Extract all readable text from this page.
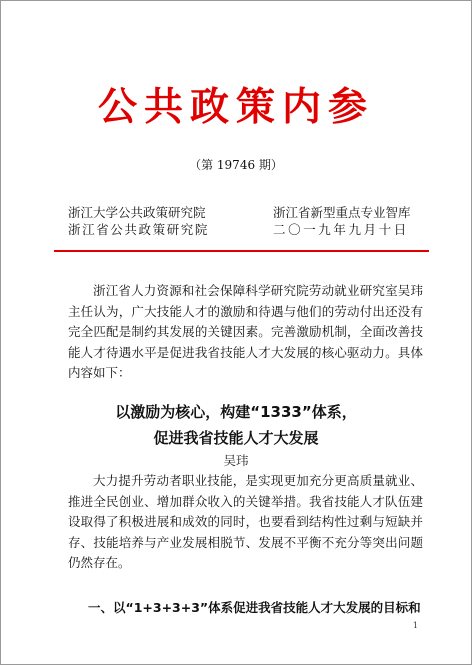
公共政策内参
（第 19746 期）
浙江大学公共政策研究院
浙江省公共政策研究院
浙江省新型重点专业智库
二〇一九年九月十日
浙江省人力资源和社会保障科学研究院劳动就业研究室吴玮主任认为，广大技能人才的激励和待遇与他们的劳动付出还没有完全匹配是制约其发展的关键因素。完善激励机制，全面改善技能人才待遇水平是促进我省技能人才大发展的核心驱动力。具体内容如下：
以激励为核心，构建“1333”体系，
促进我省技能人才大发展
吴玮
大力提升劳动者职业技能，是实现更加充分更高质量就业、推进全民创业、增加群众收入的关键举措。我省技能人才队伍建设取得了积极进展和成效的同时，也要看到结构性过剩与短缺并存、技能培养与产业发展相脱节、发展不平衡不充分等突出问题仍然存在。
一、以“1+3+3+3”体系促进我省技能人才大发展的目标和
1
